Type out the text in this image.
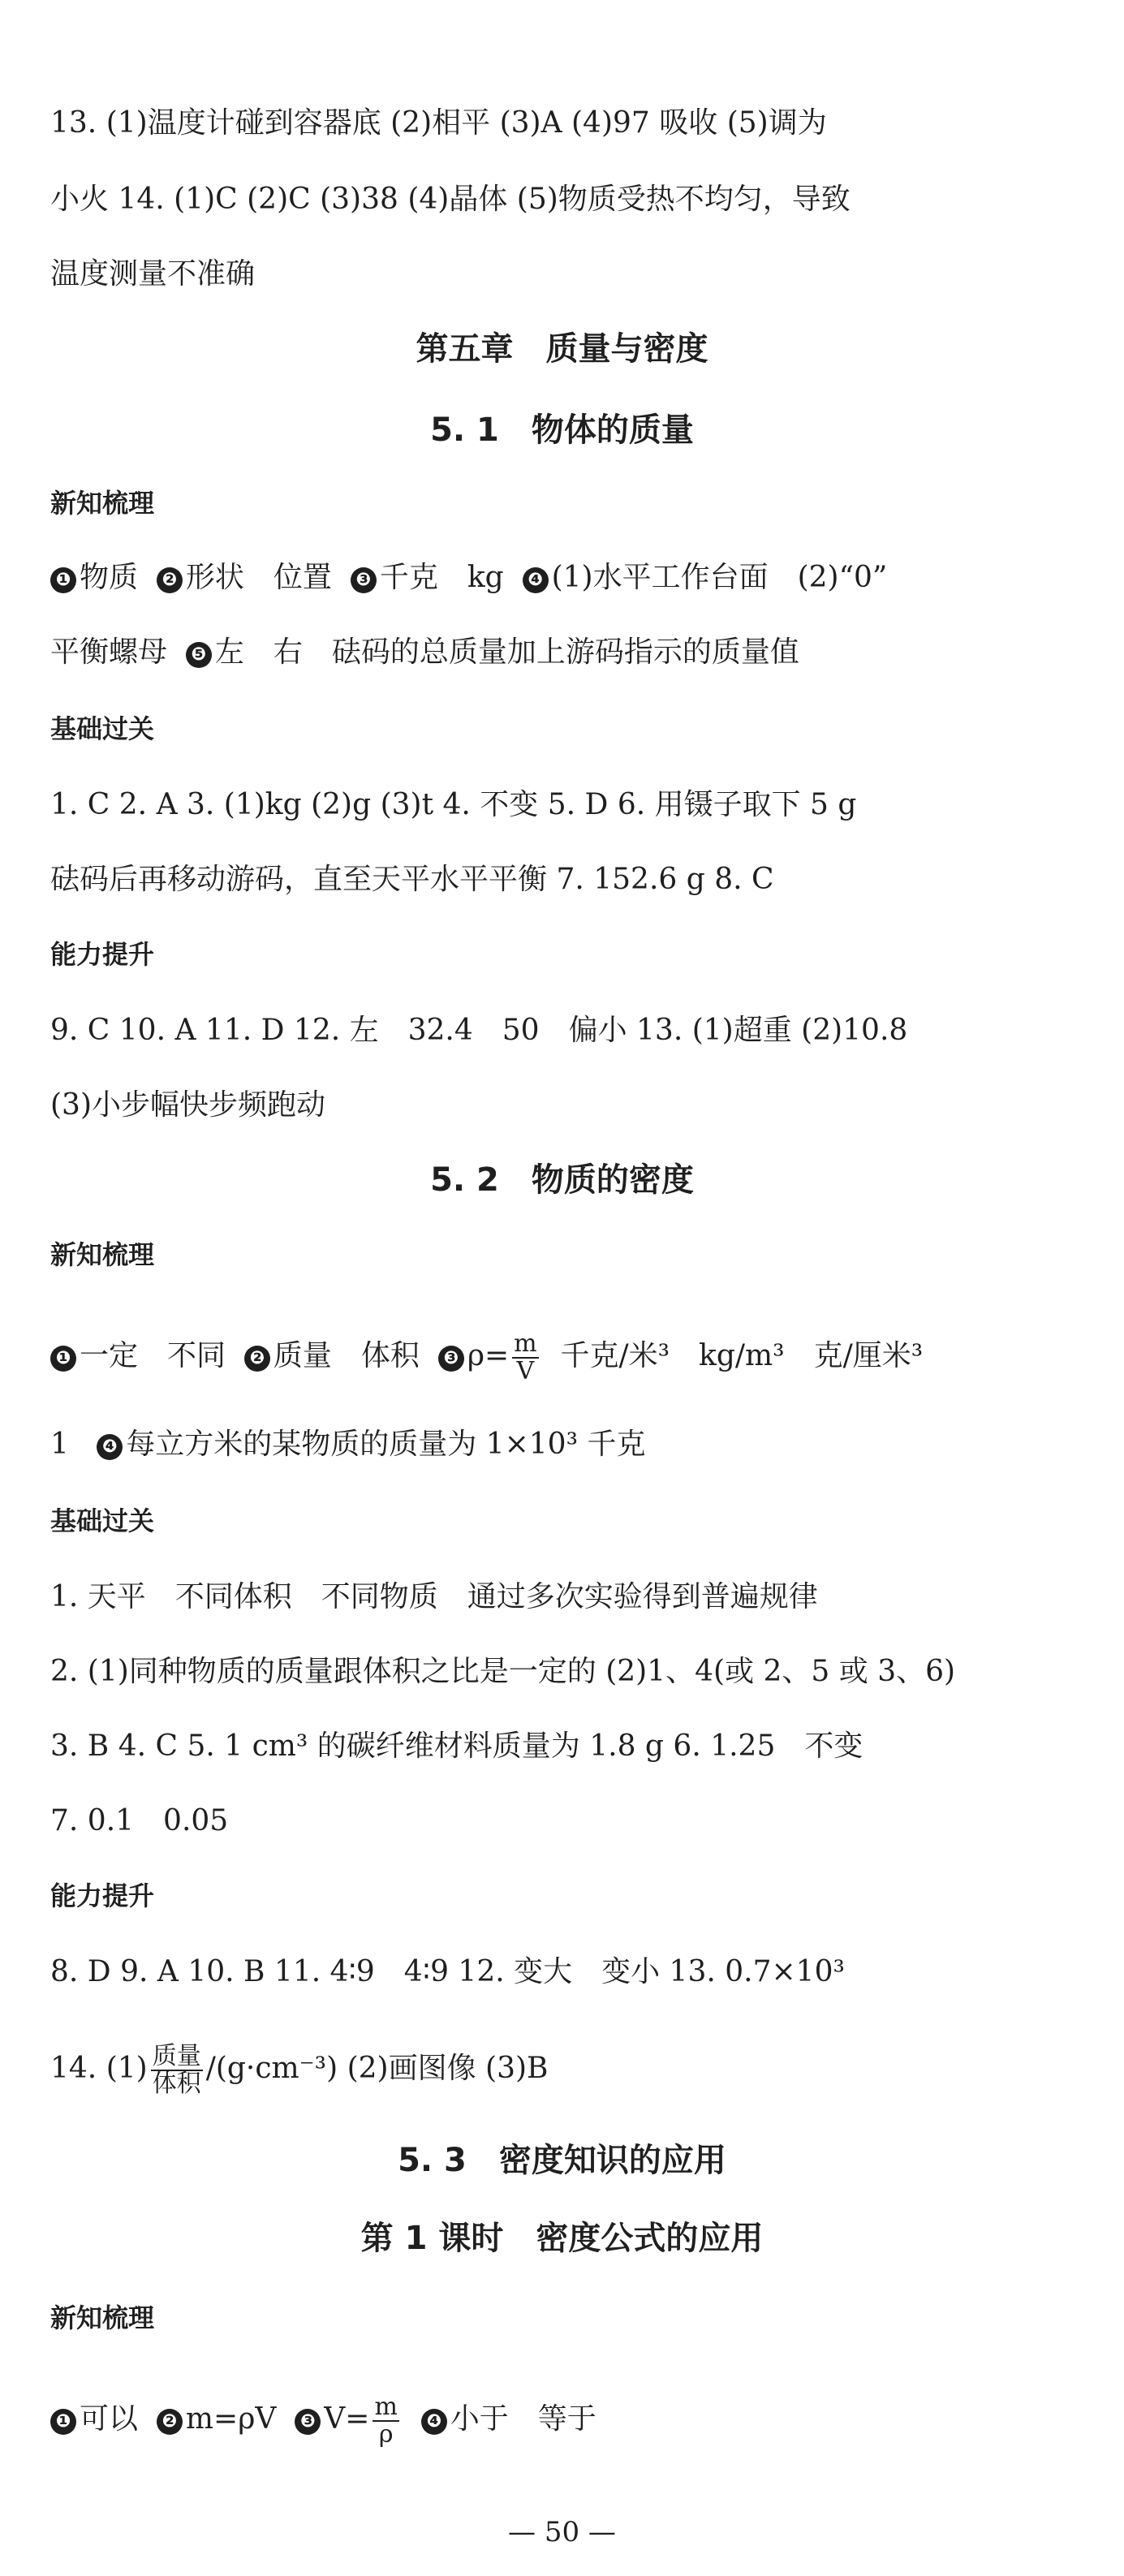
13. (1)温度计碰到容器底 (2)相平 (3)A (4)97 吸收 (5)调为
小火 14. (1)C (2)C (3)38 (4)晶体 (5)物质受热不均匀，导致
温度测量不准确
第五章　质量与密度
5. 1　物体的质量
新知梳理
❶ 物质 ❷ 形状　位置 ❸ 千克　kg ❹ (1)水平工作台面　(2)“0”
平衡螺母 ❺ 左　右　砝码的总质量加上游码指示的质量值
基础过关
1. C 2. A 3. (1)kg (2)g (3)t 4. 不变 5. D 6. 用镊子取下 5 g
砝码后再移动游码，直至天平水平平衡 7. 152.6 g 8. C
能力提升
9. C 10. A 11. D 12. 左　32.4　50　偏小 13. (1)超重 (2)10.8
(3)小步幅快步频跑动
5. 2　物质的密度
新知梳理
❶ 一定　不同 ❷ 质量　体积 ❸ $\rho= \frac{m}{V}$ 千克/米³　kg/m³　克/厘米³
1 ❹ 每立方米的某物质的质量为 1×10³ 千克
基础过关
1. 天平　不同体积　不同物质　通过多次实验得到普遍规律
2. (1)同种物质的质量跟体积之比是一定的 (2)1、4(或 2、5 或 3、6)
3. B 4. C 5. 1 cm³ 的碳纤维材料质量为 1.8 g 6. 1.25　不变
7. 0.1　0.05
能力提升
8. D 9. A 10. B 11. 4∶9　4∶9 12. 变大　变小 13. 0.7×10³
14. $(1) \frac{\text{质量}}{\text{体积}} /(g\cdot cm^{-3})$ (2)画图像 (3)B
5. 3　密度知识的应用
第 1 课时　密度公式的应用
新知梳理
❶ 可以 ❷ m=ρV ❸ $V= \frac{m}{\rho}$ ❹ 小于　等于
— 50 —
